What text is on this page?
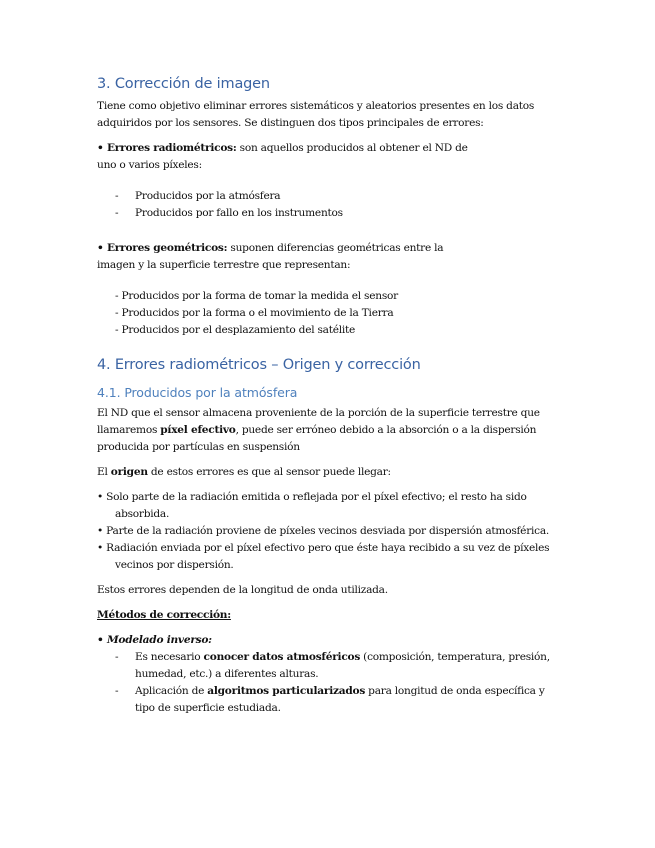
3. Corrección de imagen

Tiene como objetivo eliminar errores sistemáticos y aleatorios presentes en los datos
adquiridos por los sensores. Se distinguen dos tipos principales de errores:

• Errores radiométricos: son aquellos producidos al obtener el ND de
uno o varios píxeles:

- Producidos por la atmósfera
- Producidos por fallo en los instrumentos

• Errores geométricos: suponen diferencias geométricas entre la
imagen y la superficie terrestre que representan:

- Producidos por la forma de tomar la medida el sensor
- Producidos por la forma o el movimiento de la Tierra
- Producidos por el desplazamiento del satélite
4. Errores radiométricos – Origen y corrección
4.1. Producidos por la atmósfera

El ND que el sensor almacena proveniente de la porción de la superficie terrestre que
llamaremos píxel efectivo, puede ser erróneo debido a la absorción o a la dispersión
producida por partículas en suspensión

El origen de estos errores es que al sensor puede llegar:

• Solo parte de la radiación emitida o reflejada por el píxel efectivo; el resto ha sido absorbida.
• Parte de la radiación proviene de píxeles vecinos desviada por dispersión atmosférica.
• Radiación enviada por el píxel efectivo pero que éste haya recibido a su vez de píxeles vecinos por dispersión.

Estos errores dependen de la longitud de onda utilizada.

Métodos de corrección:

• Modelado inverso:

- Es necesario conocer datos atmosféricos (composición, temperatura, presión, humedad, etc.) a diferentes alturas.
- Aplicación de algoritmos particularizados para longitud de onda específica y tipo de superficie estudiada.
